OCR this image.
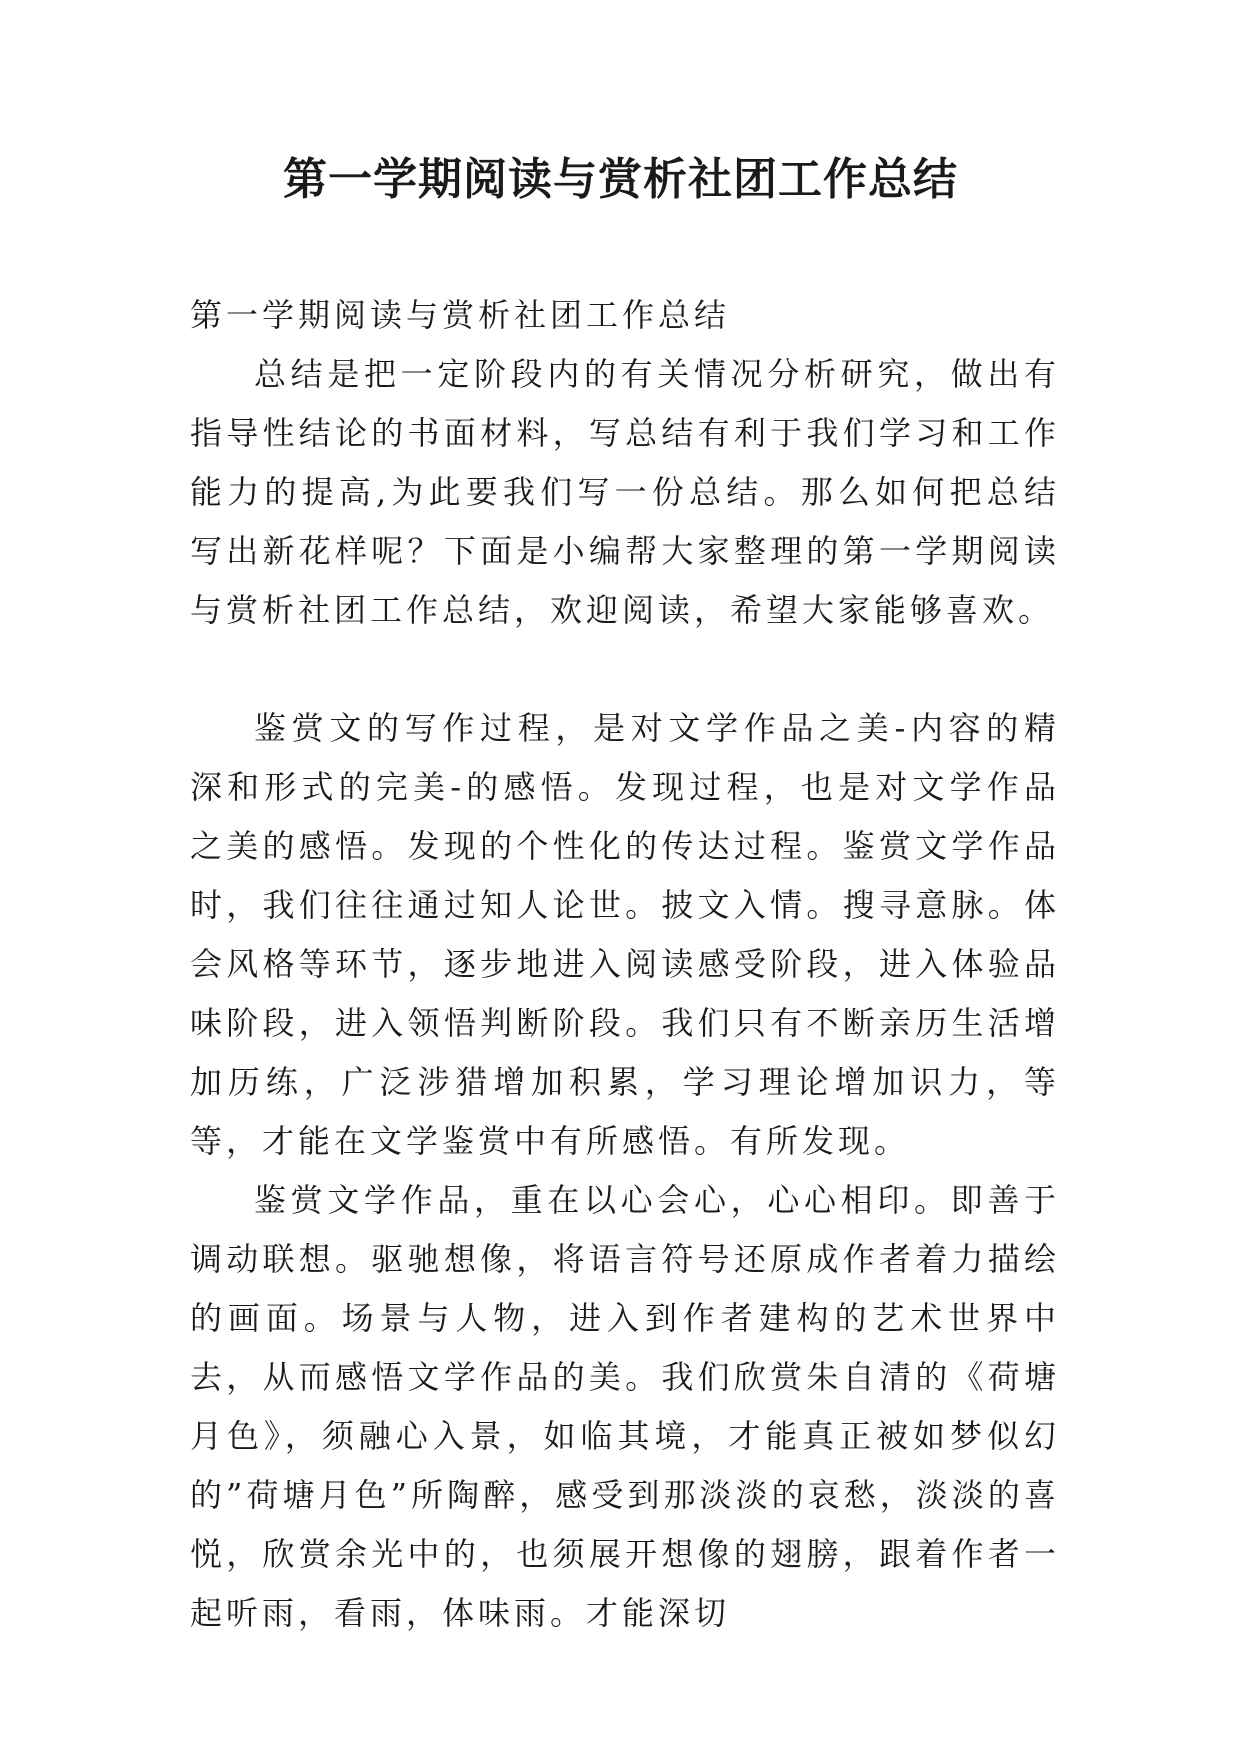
第一学期阅读与赏析社团工作总结

第一学期阅读与赏析社团工作总结

总结是把一定阶段内的有关情况分析研究，做出有指导性结论的书面材料，写总结有利于我们学习和工作能力的提高,为此要我们写一份总结。那么如何把总结写出新花样呢？下面是小编帮大家整理的第一学期阅读与赏析社团工作总结，欢迎阅读，希望大家能够喜欢。

鉴赏文的写作过程，是对文学作品之美-内容的精深和形式的完美-的感悟。发现过程，也是对文学作品之美的感悟。发现的个性化的传达过程。鉴赏文学作品时，我们往往通过知人论世。披文入情。搜寻意脉。体会风格等环节，逐步地进入阅读感受阶段，进入体验品味阶段，进入领悟判断阶段。我们只有不断亲历生活增加历练，广泛涉猎增加积累，学习理论增加识力，等等，才能在文学鉴赏中有所感悟。有所发现。

鉴赏文学作品，重在以心会心，心心相印。即善于调动联想。驱驰想像，将语言符号还原成作者着力描绘的画面。场景与人物，进入到作者建构的艺术世界中去，从而感悟文学作品的美。我们欣赏朱自清的《荷塘月色》，须融心入景，如临其境，才能真正被如梦似幻的”荷塘月色”所陶醉，感受到那淡淡的哀愁，淡淡的喜悦，欣赏余光中的，也须展开想像的翅膀，跟着作者一起听雨，看雨，体味雨。才能深切
